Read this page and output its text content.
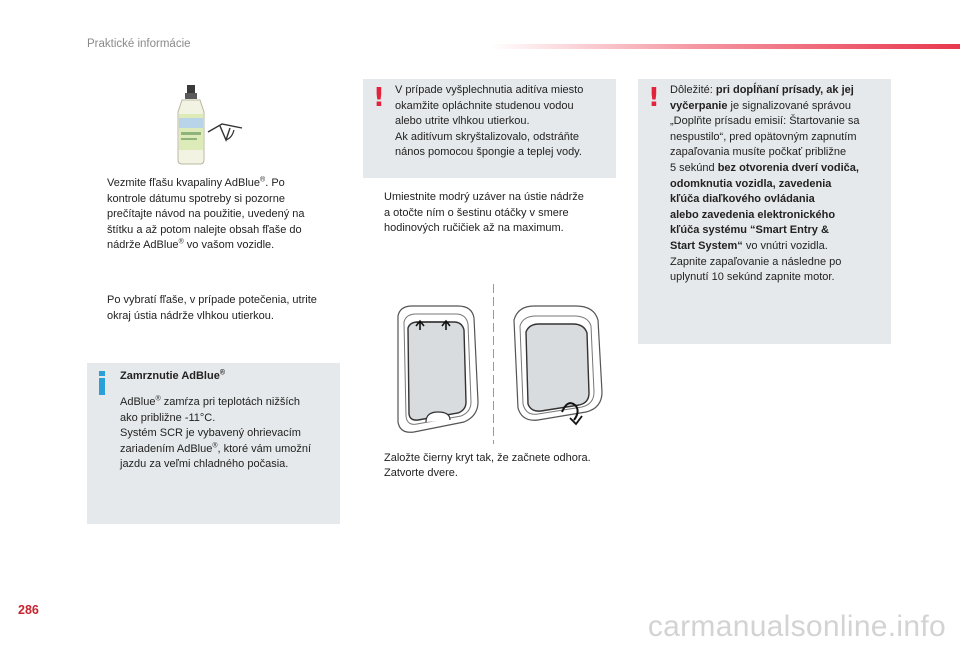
Praktické informácie
Vezmite fľašu kvapaliny AdBlue®. Po
kontrole dátumu spotreby si pozorne
prečítajte návod na použitie, uvedený na
štítku a až potom nalejte obsah fľaše do
nádrže AdBlue® vo vašom vozidle.
Po vybratí fľaše, v prípade potečenia, utrite
okraj ústia nádrže vlhkou utierkou.
Zamrznutie AdBlue®
AdBlue® zamŕza pri teplotách nižších
ako približne -11°C.
Systém SCR je vybavený ohrievacím
zariadením AdBlue®, ktoré vám umožní
jazdu za veľmi chladného počasia.
! V prípade vyšplechnutia aditíva miesto
okamžite opláchnite studenou vodou
alebo utrite vlhkou utierkou.
Ak aditívum skryštalizovalo, odstráňte
nános pomocou špongie a teplej vody.
Umiestnite modrý uzáver na ústie nádrže
a otočte ním o šestinu otáčky v smere
hodinových ručičiek až na maximum.
Založte čierny kryt tak, že začnete odhora.
Zatvorte dvere.
! Dôležité: pri dopĺňaní prísady, ak jej
vyčerpanie je signalizované správou
„Doplňte prísadu emisií: Štartovanie sa
nespustilo“, pred opätovným zapnutím
zapaľovania musíte počkať približne
5 sekúnd bez otvorenia dverí vodiča,
odomknutia vozidla, zavedenia
kľúča diaľkového ovládania
alebo zavedenia elektronického
kľúča systému “Smart Entry &
Start System“ vo vnútri vozidla.
Zapnite zapaľovanie a následne po
uplynutí 10 sekúnd zapnite motor.
286	carmanualsonline.info
